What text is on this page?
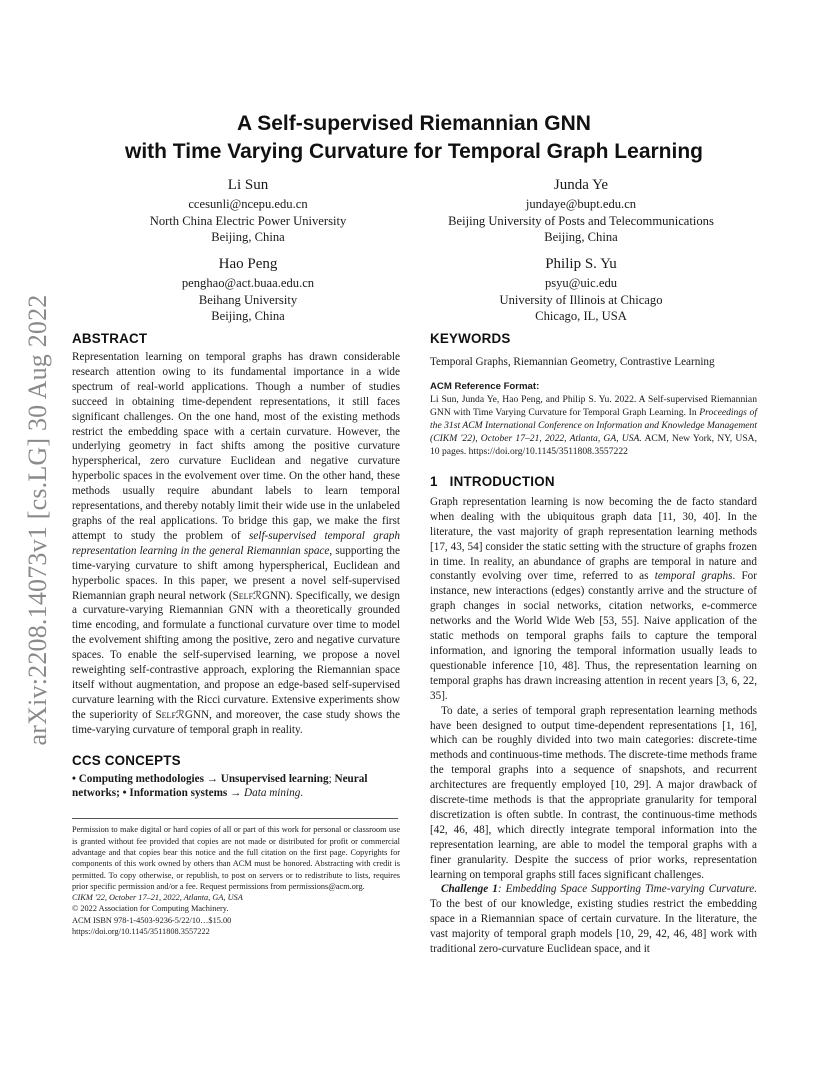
arXiv:2208.14073v1 [cs.LG] 30 Aug 2022
A Self-supervised Riemannian GNN
with Time Varying Curvature for Temporal Graph Learning
Li Sun
ccesunli@ncepu.edu.cn
North China Electric Power University
Beijing, China
Junda Ye
jundaye@bupt.edu.cn
Beijing University of Posts and Telecommunications
Beijing, China
Hao Peng
penghao@act.buaa.edu.cn
Beihang University
Beijing, China
Philip S. Yu
psyu@uic.edu
University of Illinois at Chicago
Chicago, IL, USA
ABSTRACT

Representation learning on temporal graphs has drawn considerable research attention owing to its fundamental importance in a wide spectrum of real-world applications. Though a number of studies succeed in obtaining time-dependent representations, it still faces significant challenges. On the one hand, most of the existing methods restrict the embedding space with a certain curvature. However, the underlying geometry in fact shifts among the positive curvature hyperspherical, zero curvature Euclidean and negative curvature hyperbolic spaces in the evolvement over time. On the other hand, these methods usually require abundant labels to learn temporal representations, and thereby notably limit their wide use in the unlabeled graphs of the real applications. To bridge this gap, we make the first attempt to study the problem of self-supervised temporal graph representation learning in the general Riemannian space, supporting the time-varying curvature to shift among hyperspherical, Euclidean and hyperbolic spaces. In this paper, we present a novel self-supervised Riemannian graph neural network (SelfℛGNN). Specifically, we design a curvature-varying Riemannian GNN with a theoretically grounded time encoding, and formulate a functional curvature over time to model the evolvement shifting among the positive, zero and negative curvature spaces. To enable the self-supervised learning, we propose a novel reweighting self-contrastive approach, exploring the Riemannian space itself without augmentation, and propose an edge-based self-supervised curvature learning with the Ricci curvature. Extensive experiments show the superiority of SelfℛGNN, and moreover, the case study shows the time-varying curvature of temporal graph in reality.

CCS CONCEPTS
• Computing methodologies → Unsupervised learning; Neural networks; • Information systems → Data mining.

Permission to make digital or hard copies of all or part of this work for personal or classroom use is granted without fee provided that copies are not made or distributed for profit or commercial advantage and that copies bear this notice and the full citation on the first page. Copyrights for components of this work owned by others than ACM must be honored. Abstracting with credit is permitted. To copy otherwise, or republish, to post on servers or to redistribute to lists, requires prior specific permission and/or a fee. Request permissions from permissions@acm.org.

CIKM '22, October 17–21, 2022, Atlanta, GA, USA
© 2022 Association for Computing Machinery.
ACM ISBN 978-1-4503-9236-5/22/10…$15.00
https://doi.org/10.1145/3511808.3557222
KEYWORDS
Temporal Graphs, Riemannian Geometry, Contrastive Learning
ACM Reference Format:
Li Sun, Junda Ye, Hao Peng, and Philip S. Yu. 2022. A Self-supervised Riemannian GNN with Time Varying Curvature for Temporal Graph Learning. In Proceedings of the 31st ACM International Conference on Information and Knowledge Management (CIKM '22), October 17–21, 2022, Atlanta, GA, USA. ACM, New York, NY, USA, 10 pages. https://doi.org/10.1145/3511808.3557222
1 INTRODUCTION

Graph representation learning is now becoming the de facto standard when dealing with the ubiquitous graph data [11, 30, 40]. In the literature, the vast majority of graph representation learning methods [17, 43, 54] consider the static setting with the structure of graphs frozen in time. In reality, an abundance of graphs are temporal in nature and constantly evolving over time, referred to as temporal graphs. For instance, new interactions (edges) constantly arrive and the structure of graph changes in social networks, citation networks, e-commerce networks and the World Wide Web [53, 55]. Naive application of the static methods on temporal graphs fails to capture the temporal information, and ignoring the temporal information usually leads to questionable inference [10, 48]. Thus, the representation learning on temporal graphs has drawn increasing attention in recent years [3, 6, 22, 35].

To date, a series of temporal graph representation learning methods have been designed to output time-dependent representations [1, 16], which can be roughly divided into two main categories: discrete-time methods and continuous-time methods. The discrete-time methods frame the temporal graphs into a sequence of snapshots, and recurrent architectures are frequently employed [10, 29]. A major drawback of discrete-time methods is that the appropriate granularity for temporal discretization is often subtle. In contrast, the continuous-time methods [42, 46, 48], which directly integrate temporal information into the representation learning, are able to model the temporal graphs with a finer granularity. Despite the success of prior works, representation learning on temporal graphs still faces significant challenges.

Challenge 1: Embedding Space Supporting Time-varying Curvature. To the best of our knowledge, existing studies restrict the embedding space in a Riemannian space of certain curvature. In the literature, the vast majority of temporal graph models [10, 29, 42, 46, 48] work with traditional zero-curvature Euclidean space, and it
